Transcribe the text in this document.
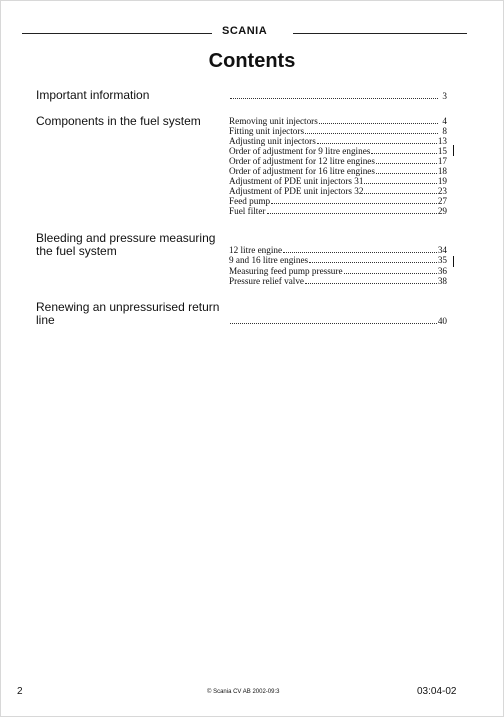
SCANIA
Contents
Important information	3
Components in the fuel system	Removing unit injectors	4
Fitting unit injectors	8
Adjusting unit injectors	13
Order of adjustment for 9 litre engines	15
Order of adjustment for 12 litre engines	17
Order of adjustment for 16 litre engines	18
Adjustment of PDE unit injectors 31	19
Adjustment of PDE unit injectors 32	23
Feed pump	27
Fuel filter	29
Bleeding and pressure measuring the fuel system	12 litre engine	34
9 and 16 litre engines	35
Measuring feed pump pressure	36
Pressure relief valve	38
Renewing an unpressurised return line	40
2	© Scania CV AB 2002-09:3	03:04-02
